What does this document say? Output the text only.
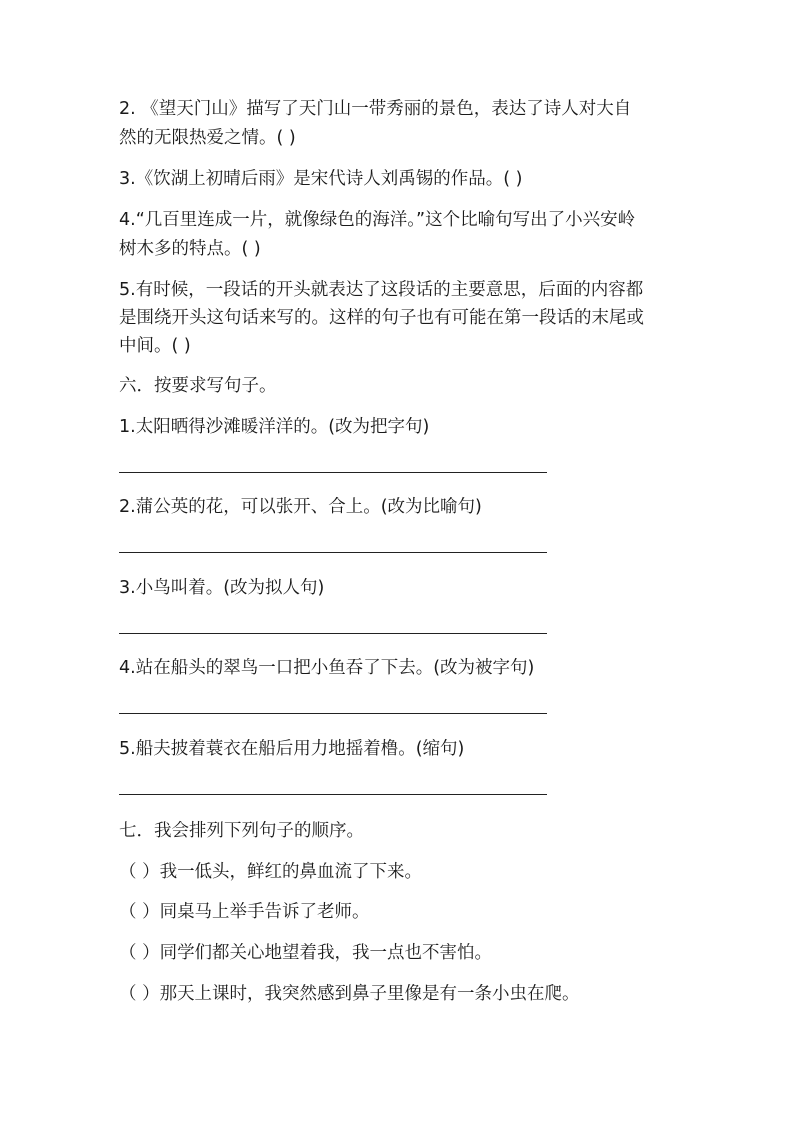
2. 《望天门山》描写了天门山一带秀丽的景色，表达了诗人对大自
然的无限热爱之情。( )
3.《饮湖上初晴后雨》是宋代诗人刘禹锡的作品。( )
4.“几百里连成一片，就像绿色的海洋。”这个比喻句写出了小兴安岭
树木多的特点。( )
5.有时候，一段话的开头就表达了这段话的主要意思，后面的内容都
是围绕开头这句话来写的。这样的句子也有可能在第一段话的末尾或
中间。( )
六．按要求写句子。
1.太阳晒得沙滩暖洋洋的。(改为把字句)
2.蒲公英的花，可以张开、合上。(改为比喻句)
3.小鸟叫着。(改为拟人句)
4.站在船头的翠鸟一口把小鱼吞了下去。(改为被字句)
5.船夫披着蓑衣在船后用力地摇着橹。(缩句)
七．我会排列下列句子的顺序。
（ ）我一低头，鲜红的鼻血流了下来。
（ ）同桌马上举手告诉了老师。
（ ）同学们都关心地望着我，我一点也不害怕。
（ ）那天上课时，我突然感到鼻子里像是有一条小虫在爬。
